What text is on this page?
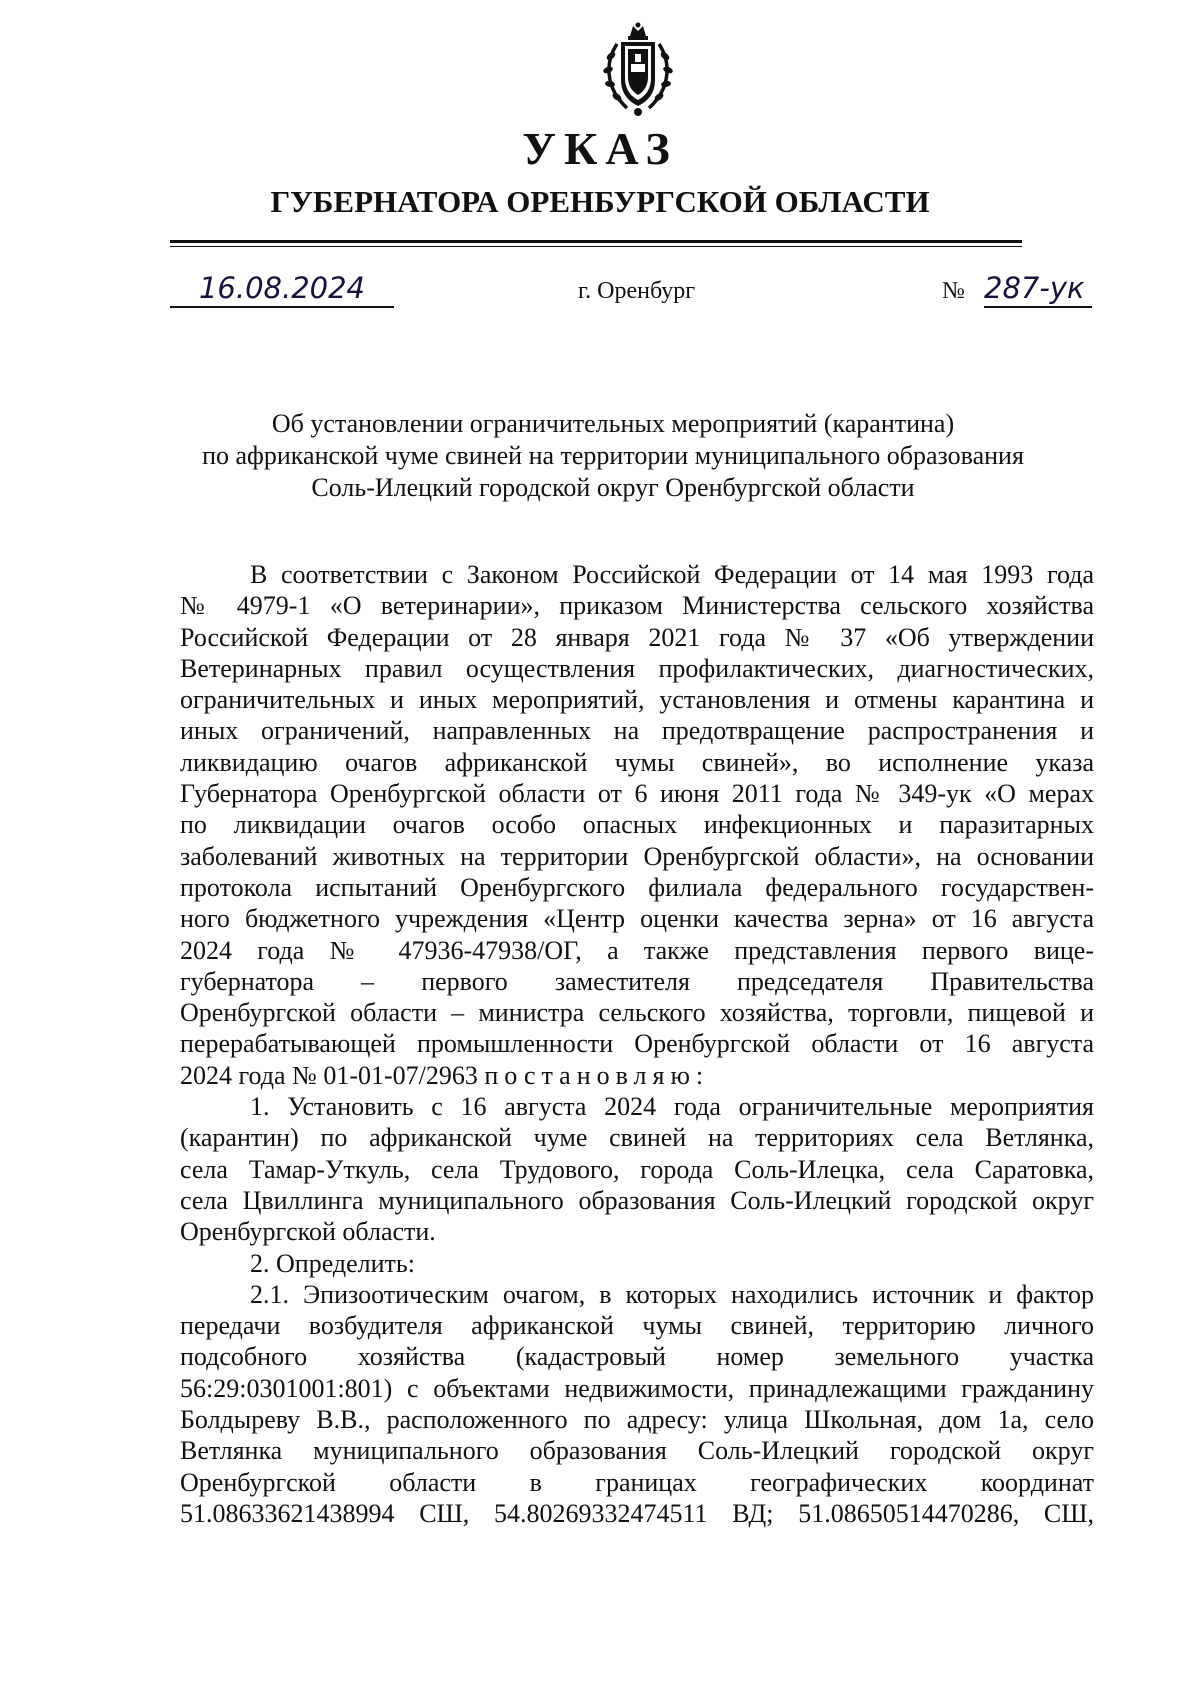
УКАЗ
ГУБЕРНАТОРА ОРЕНБУРГСКОЙ ОБЛАСТИ
16.08.2024	г. Оренбург	№ 287-ук
Об установлении ограничительных мероприятий (карантина)
по африканской чуме свиней на территории муниципального образования
Соль-Илецкий городской округ Оренбургской области
В соответствии с Законом Российской Федерации от 14 мая 1993 года
№ 4979-1 «О ветеринарии», приказом Министерства сельского хозяйства
Российской Федерации от 28 января 2021 года № 37 «Об утверждении
Ветеринарных правил осуществления профилактических, диагностических,
ограничительных и иных мероприятий, установления и отмены карантина и
иных ограничений, направленных на предотвращение распространения и
ликвидацию очагов африканской чумы свиней», во исполнение указа
Губернатора Оренбургской области от 6 июня 2011 года № 349-ук «О мерах
по ликвидации очагов особо опасных инфекционных и паразитарных
заболеваний животных на территории Оренбургской области», на основании
протокола испытаний Оренбургского филиала федерального государствен-
ного бюджетного учреждения «Центр оценки качества зерна» от 16 августа
2024 года № 47936-47938/ОГ, а также представления первого вице-
губернатора – первого заместителя председателя Правительства
Оренбургской области – министра сельского хозяйства, торговли, пищевой и
перерабатывающей промышленности Оренбургской области от 16 августа
2024 года № 01-01-07/2963 постановляю:
1. Установить с 16 августа 2024 года ограничительные мероприятия
(карантин) по африканской чуме свиней на территориях села Ветлянка,
села Тамар-Уткуль, села Трудового, города Соль-Илецка, села Саратовка,
села Цвиллинга муниципального образования Соль-Илецкий городской округ
Оренбургской области.
2. Определить:
2.1. Эпизоотическим очагом, в которых находились источник и фактор
передачи возбудителя африканской чумы свиней, территорию личного
подсобного хозяйства (кадастровый номер земельного участка
56:29:0301001:801) с объектами недвижимости, принадлежащими гражданину
Болдыреву В.В., расположенного по адресу: улица Школьная, дом 1а, село
Ветлянка муниципального образования Соль-Илецкий городской округ
Оренбургской области в границах географических координат
51.08633621438994 СШ, 54.80269332474511 ВД; 51.08650514470286, СШ,
